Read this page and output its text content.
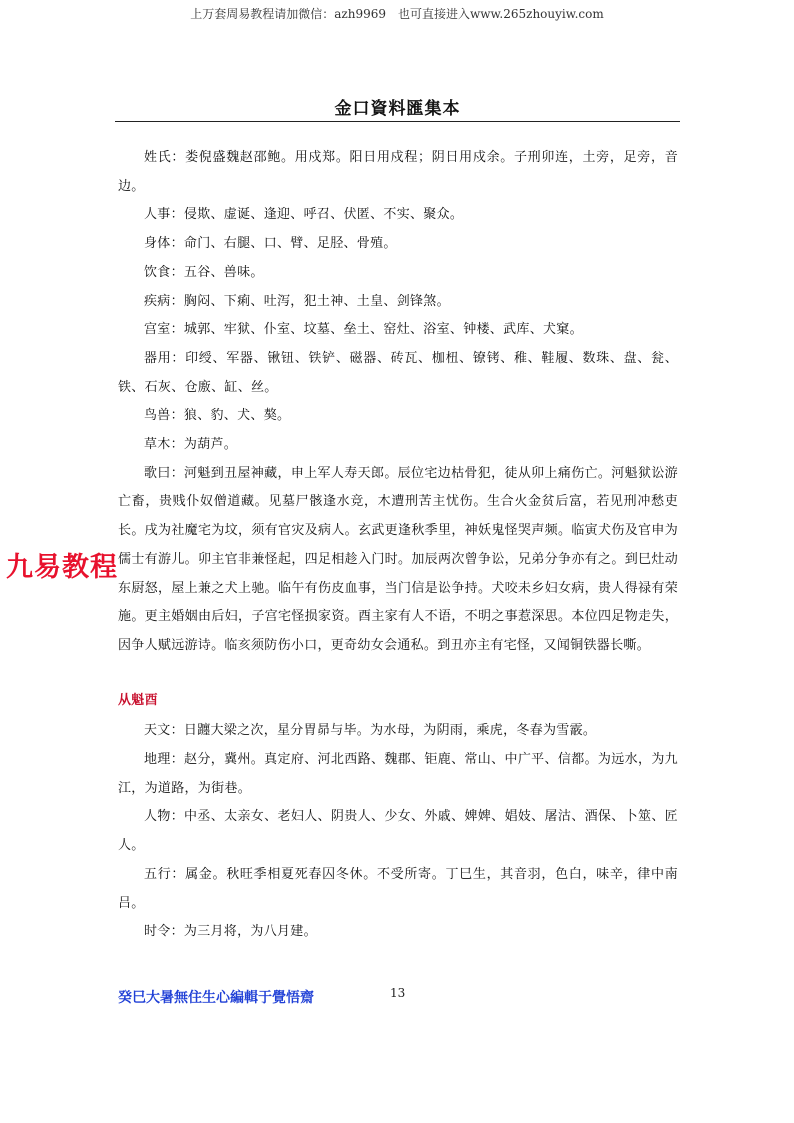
上万套周易教程请加微信：azh9969　也可直接进入www.265zhouyiw.com
金口資料匯集本

姓氏：娄倪盛魏赵邵鲍。用戍郑。阳日用戍程；阴日用戍余。子刑卯连，土旁，足旁，音边。

人事：侵欺、虚诞、逢迎、呼召、伏匿、不实、聚众。

身体：命门、右腿、口、臂、足胫、骨殖。

饮食：五谷、兽味。

疾病：胸闷、下痢、吐泻，犯土神、土皇、剑锋煞。

宫室：城郭、牢狱、仆室、坟墓、垒土、窑灶、浴室、钟楼、武库、犬窠。

器用：印绶、军器、锹钮、铁铲、磁器、砖瓦、枷杻、镣铐、稚、鞋履、数珠、盘、瓮、铁、石灰、仓廒、缸、丝。

鸟兽：狼、豹、犬、獒。

草木：为葫芦。

歌曰：河魁到丑屋神藏，申上军人寿天郎。辰位宅边枯骨犯，徒从卯上痛伤亡。河魁狱讼游亡畜，贵贱仆奴僧道藏。见墓尸骸逢水竞，木遭刑苦主忧伤。生合火金贫后富，若见刑冲愁吏长。戌为社魔宅为坟，须有官灾及病人。玄武更逢秋季里，神妖鬼怪哭声频。临寅犬伤及官申为儒士有游儿。卯主官非兼怪起，四足相趁入门时。加辰两次曾争讼，兄弟分争亦有之。到巳灶动东厨怒，屋上兼之犬上驰。临午有伤皮血事，当门信是讼争持。犬咬未乡妇女病，贵人得禄有荣施。更主婚姻由后妇，子宫宅怪损家资。酉主家有人不语，不明之事惹深思。本位四足物走失，因争人赋远游诗。临亥须防伤小口，更奇幼女会通私。到丑亦主有宅怪，又闻铜铁器长嘶。

从魁酉

天文：日躔大梁之次，星分胃昴与毕。为水母，为阴雨，乘虎，冬春为雪霰。

地理：赵分，冀州。真定府、河北西路、魏郡、钜鹿、常山、中广平、信都。为远水，为九江，为道路，为街巷。

人物：中丞、太亲女、老妇人、阴贵人、少女、外戚、婢婢、娼妓、屠沽、酒保、卜筮、匠人。

五行：属金。秋旺季相夏死春囚冬休。不受所寄。丁巳生，其音羽，色白，味辛，律中南吕。

时令：为三月将，为八月建。

九易教程
癸巳大暑無住生心編輯于覺悟齋	13
